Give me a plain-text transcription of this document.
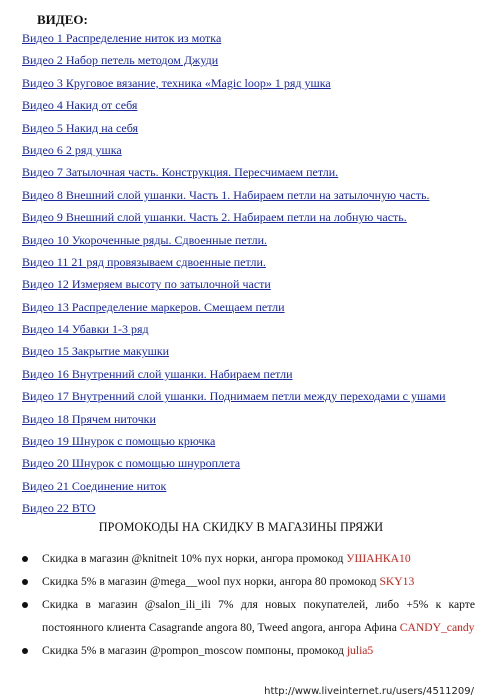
ВИДЕО:
Видео 1 Распределение ниток из мотка
Видео 2 Набор петель методом Джуди
Видео 3 Круговое вязание, техника «Magic loop» 1 ряд ушка
Видео 4 Накид от себя
Видео 5 Накид на себя
Видео 6 2 ряд ушка
Видео 7 Затылочная часть. Конструкция. Пересчимаем петли.
Видео 8 Внешний слой ушанки. Часть 1. Набираем петли на затылочную часть.
Видео 9 Внешний слой ушанки. Часть 2. Набираем петли на лобную часть.
Видео 10 Укороченные ряды. Сдвоенные петли.
Видео 11 21 ряд провязываем сдвоенные петли.
Видео 12 Измеряем высоту по затылочной части
Видео 13 Распределение маркеров. Смещаем петли
Видео 14 Убавки 1-3 ряд
Видео 15 Закрытие макушки
Видео 16 Внутренний слой ушанки. Набираем петли
Видео 17 Внутренний слой ушанки. Поднимаем петли между переходами с ушами
Видео 18 Прячем ниточки
Видео 19 Шнурок с помощью крючка
Видео 20 Шнурок с помощью шнуроплета
Видео 21 Соединение ниток
Видео 22 ВТО
ПРОМОКОДЫ НА СКИДКУ В МАГАЗИНЫ ПРЯЖИ
Скидка в магазин @knitneit 10% пух норки, ангора промокод УШАНКА10
Скидка 5% в магазин @mega__wool пух норки, ангора 80 промокод SKY13
Скидка в магазин @salon_ili_ili 7% для новых покупателей, либо +5% к карте постоянного клиента Casagrande angora 80, Tweed angora, ангора Афина CANDY_candy
Скидка 5% в магазин @pompon_moscow помпоны, промокод julia5
http://www.liveinternet.ru/users/4511209/
